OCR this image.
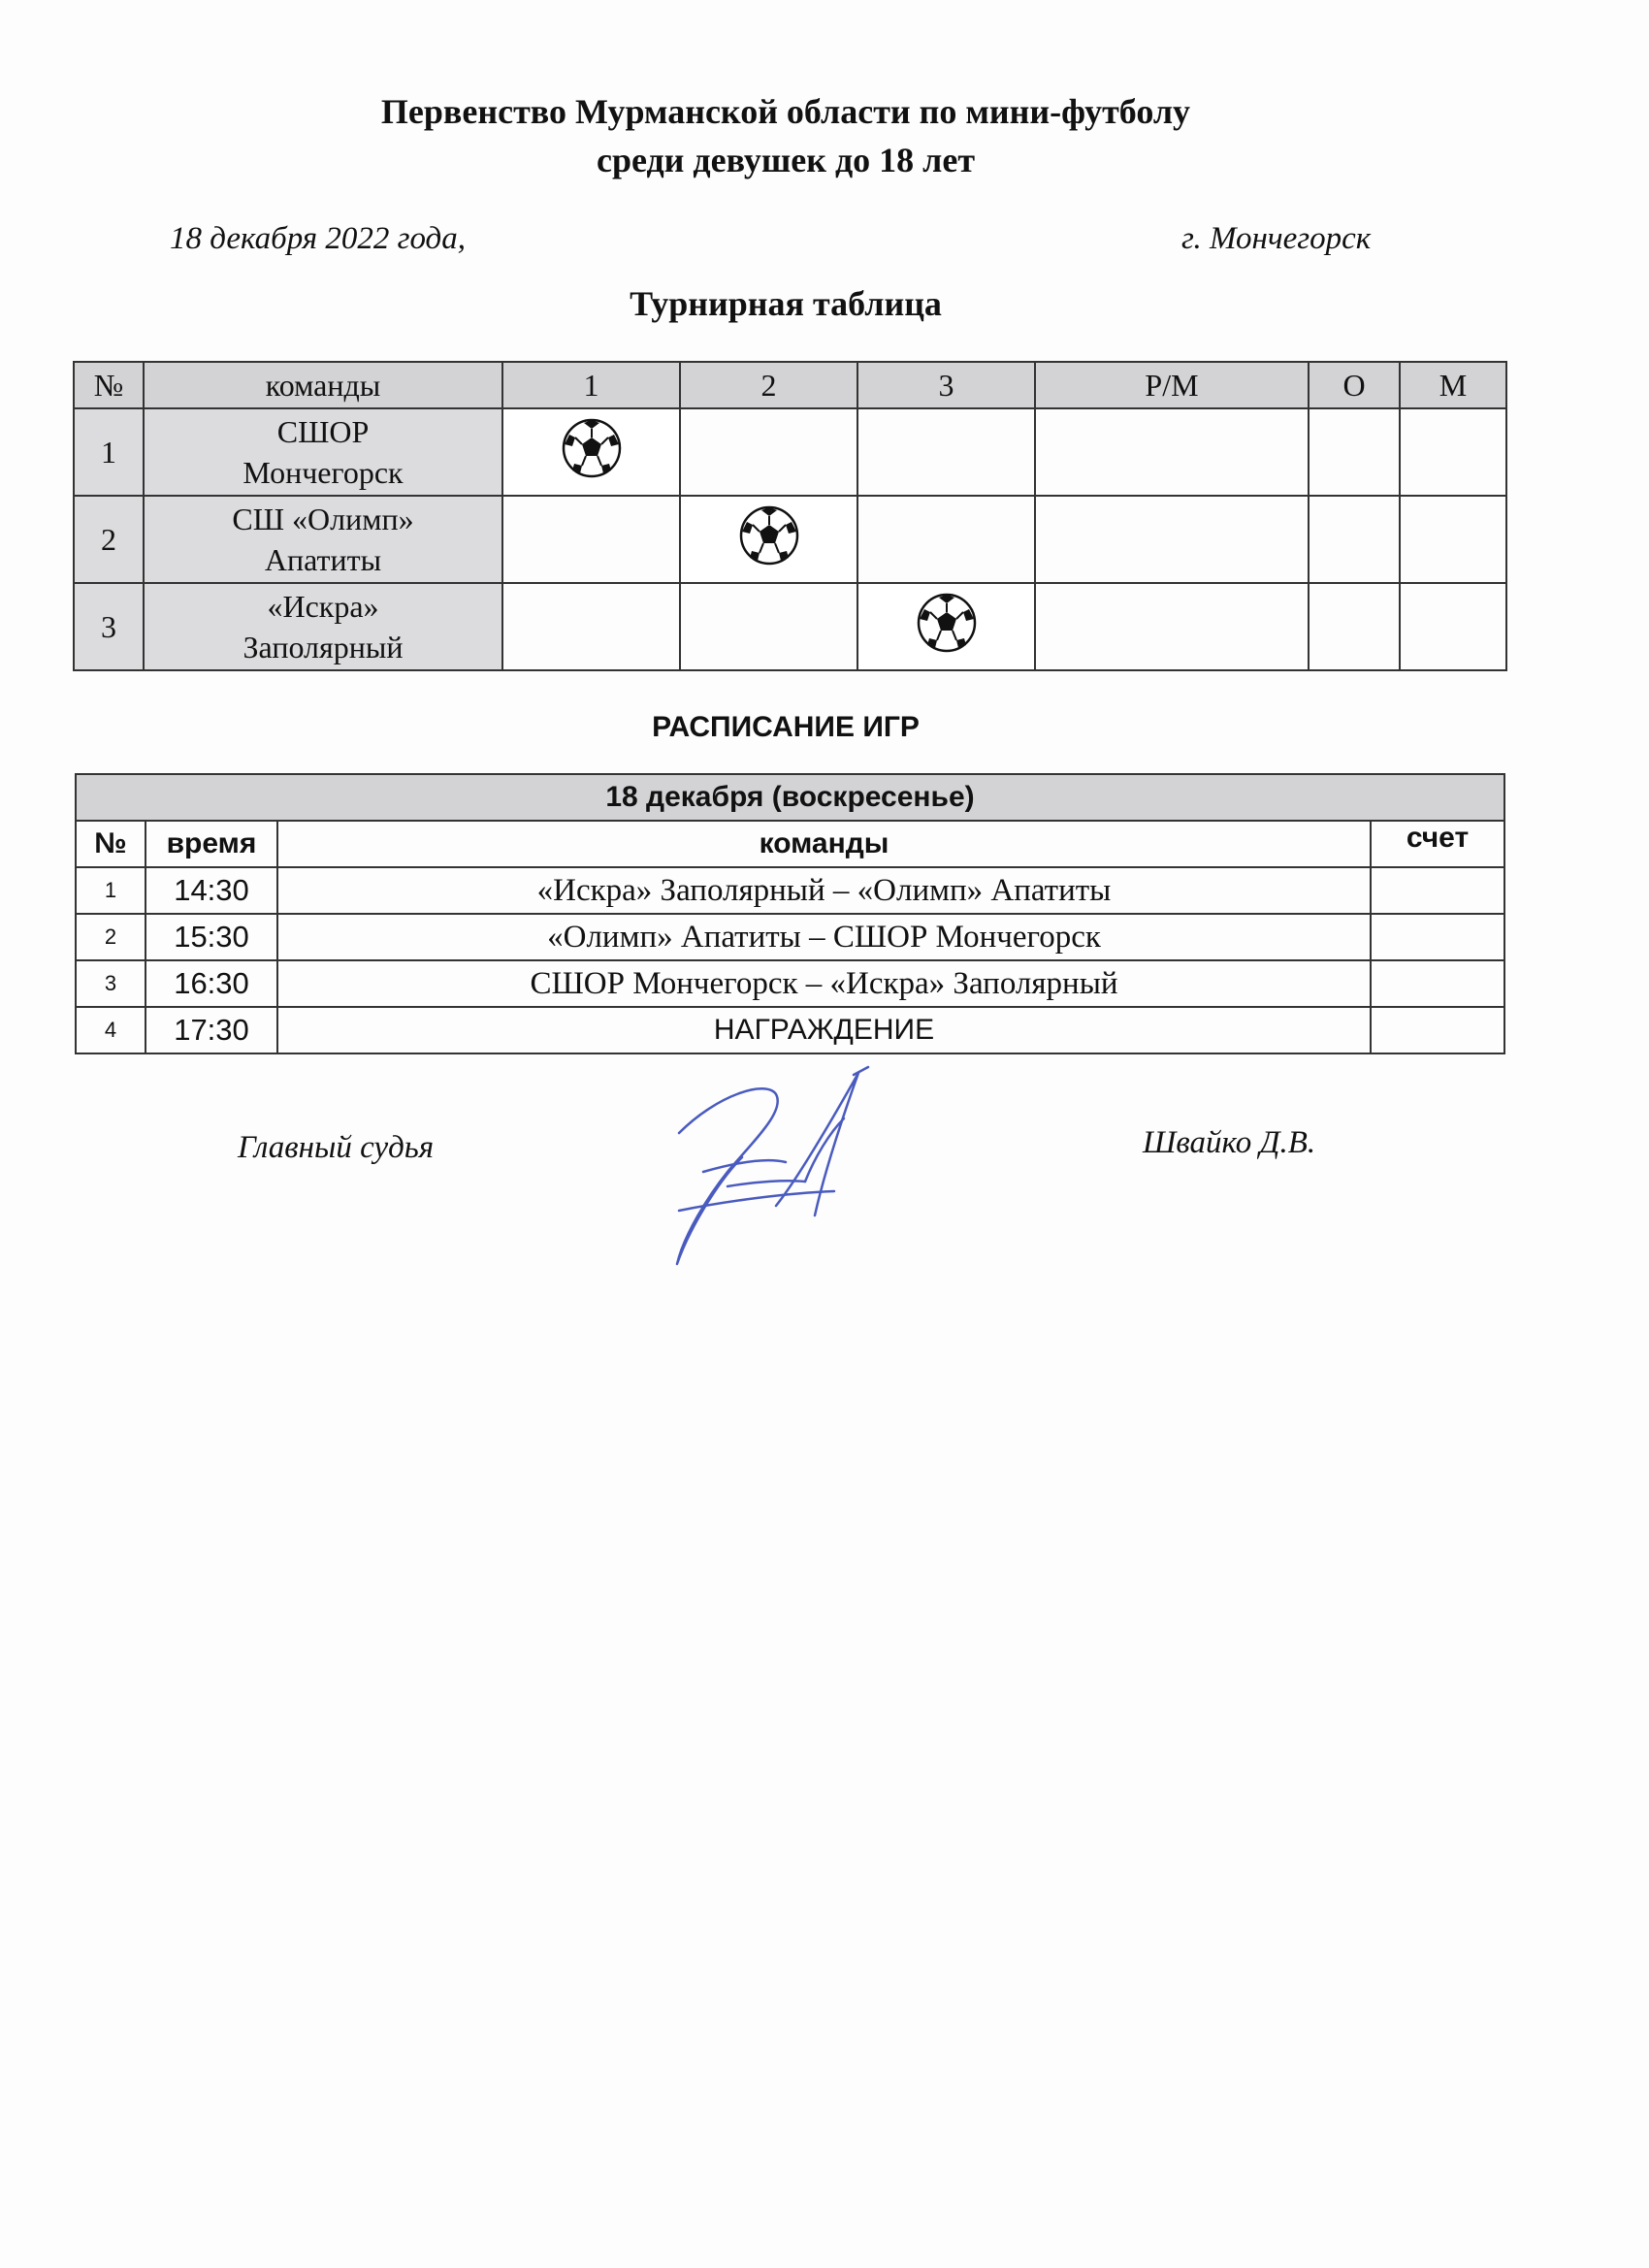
Первенство Мурманской области по мини-футболу
среди девушек до 18 лет
18 декабря 2022 года,	г. Мончегорск
Турнирная таблица
№	команды	1	2	3	Р/М	О	М
1	СШОР
Мончегорск

2	СШ «Олимп»
Апатиты

3	«Искра»
Заполярный

РАСПИСАНИЕ ИГР
18 декабря (воскресенье)			
№	время	команды	счет
1	14:30	«Искра» Заполярный – «Олимп» Апатиты	
2	15:30	«Олимп» Апатиты – СШОР Мончегорск	
3	16:30	СШОР Мончегорск – «Искра» Заполярный	
4	17:30	НАГРАЖДЕНИЕ	
Главный судья	Швайко Д.В.
